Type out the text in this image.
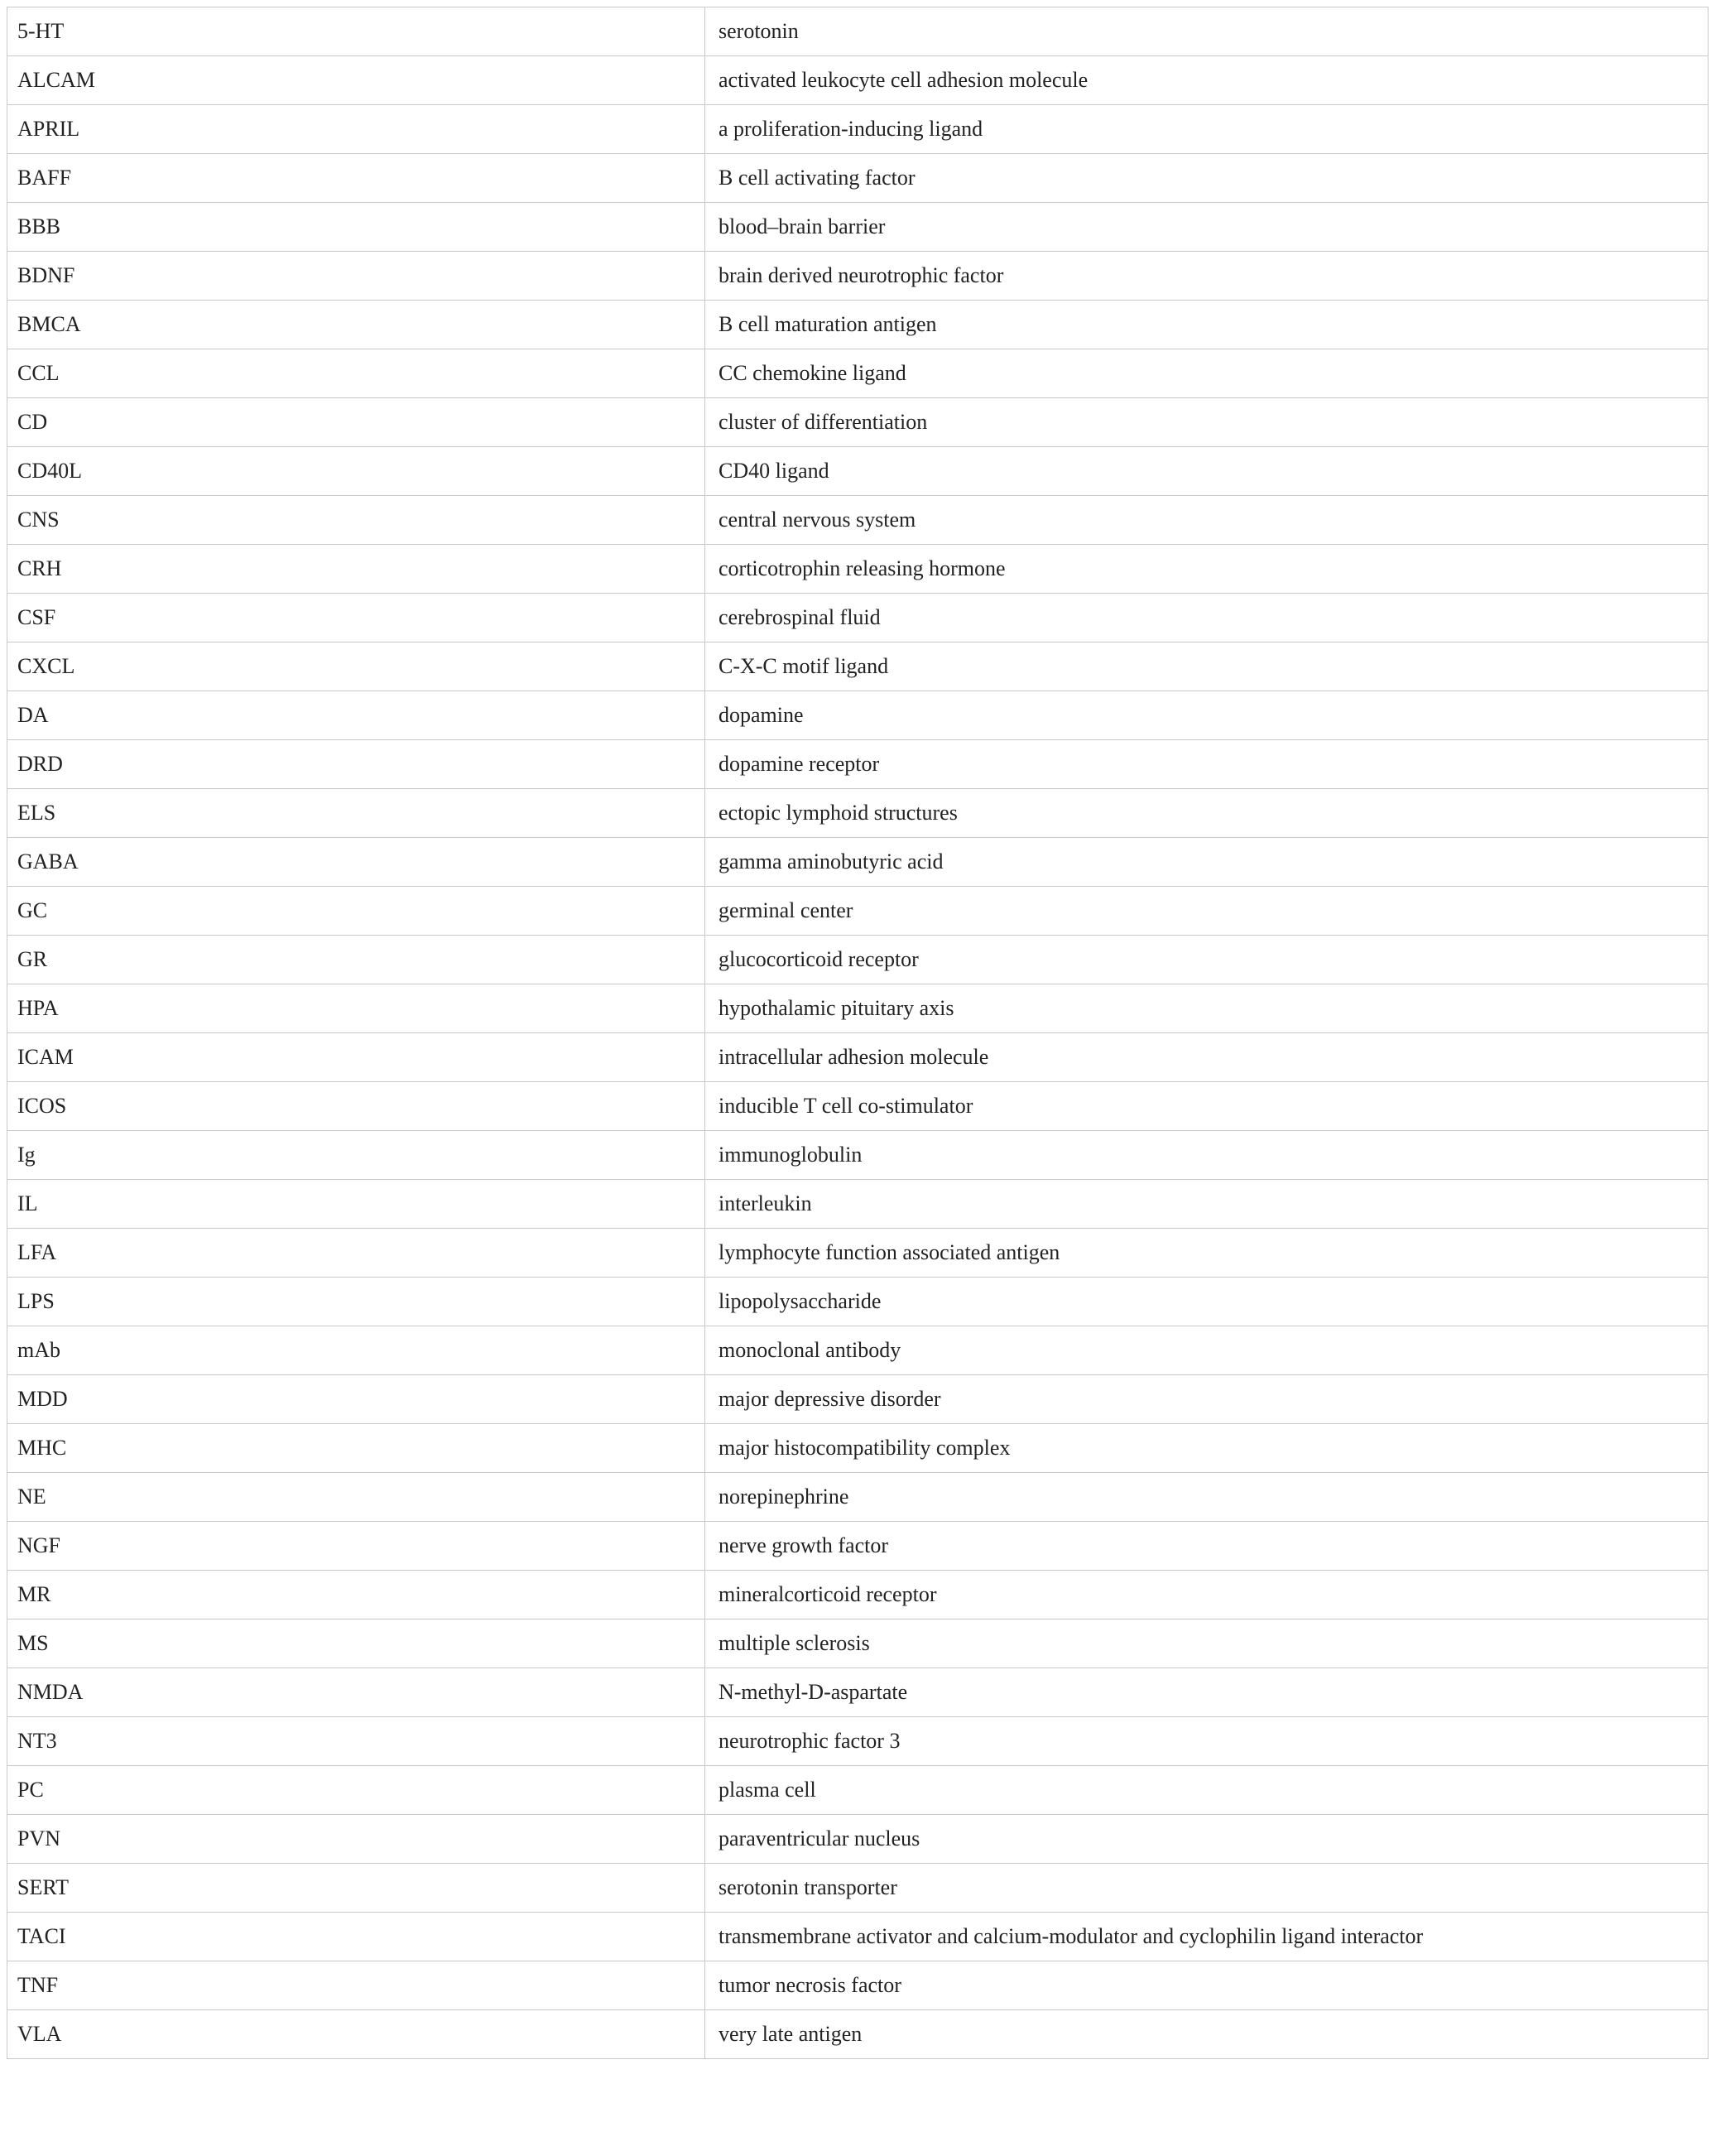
5-HT	serotonin
ALCAM	activated leukocyte cell adhesion molecule
APRIL	a proliferation-inducing ligand
BAFF	B cell activating factor
BBB	blood–brain barrier
BDNF	brain derived neurotrophic factor
BMCA	B cell maturation antigen
CCL	CC chemokine ligand
CD	cluster of differentiation
CD40L	CD40 ligand
CNS	central nervous system
CRH	corticotrophin releasing hormone
CSF	cerebrospinal fluid
CXCL	C-X-C motif ligand
DA	dopamine
DRD	dopamine receptor
ELS	ectopic lymphoid structures
GABA	gamma aminobutyric acid
GC	germinal center
GR	glucocorticoid receptor
HPA	hypothalamic pituitary axis
ICAM	intracellular adhesion molecule
ICOS	inducible T cell co-stimulator
Ig	immunoglobulin
IL	interleukin
LFA	lymphocyte function associated antigen
LPS	lipopolysaccharide
mAb	monoclonal antibody
MDD	major depressive disorder
MHC	major histocompatibility complex
NE	norepinephrine
NGF	nerve growth factor
MR	mineralcorticoid receptor
MS	multiple sclerosis
NMDA	N-methyl-D-aspartate
NT3	neurotrophic factor 3
PC	plasma cell
PVN	paraventricular nucleus
SERT	serotonin transporter
TACI	transmembrane activator and calcium-modulator and cyclophilin ligand interactor
TNF	tumor necrosis factor
VLA	very late antigen
